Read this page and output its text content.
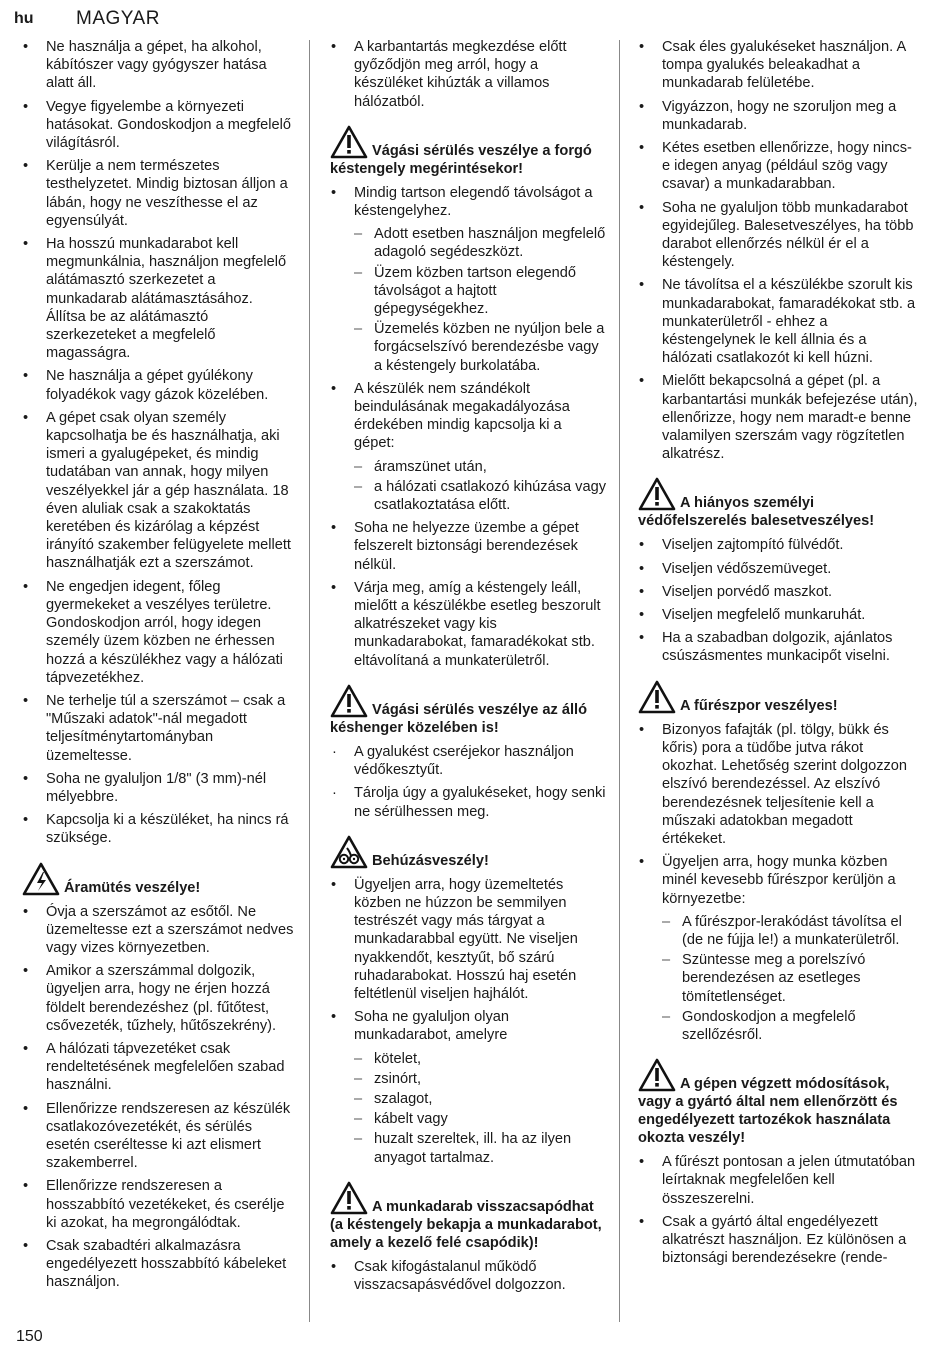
hu MAGYAR
• Ne használja a gépet, ha alkohol, kábítószer vagy gyógyszer hatása alatt áll.
• Vegye figyelembe a környezeti hatásokat. Gondoskodjon a megfelelő világításról.
• Kerülje a nem természetes testhelyzetet. Mindig biztosan álljon a lábán, hogy ne veszíthesse el az egyensúlyát.
• Ha hosszú munkadarabot kell megmunkálnia, használjon megfelelő alátámasztó szerkezetet a munkadarab alátámasztásához. Állítsa be az alátámasztó szerkezeteket a megfelelő magasságra.
• Ne használja a gépet gyúlékony folyadékok vagy gázok közelében.
• A gépet csak olyan személy kapcsolhatja be és használhatja, aki ismeri a gyalugépeket, és mindig tudatában van annak, hogy milyen veszélyekkel jár a gép használata. 18 éven aluliak csak a szakoktatás keretében és kizárólag a képzést irányító szakember felügyelete mellett használhatják ezt a szerszámot.
• Ne engedjen idegent, főleg gyermekeket a veszélyes területre. Gondoskodjon arról, hogy idegen személy üzem közben ne érhessen hozzá a készülékhez vagy a hálózati tápvezetékhez.
• Ne terhelje túl a szerszámot – csak a "Műszaki adatok"-nál megadott teljesítménytartományban üzemeltesse.
• Soha ne gyaluljon 1/8" (3 mm)-nél mélyebbre.
• Kapcsolja ki a készüléket, ha nincs rá szüksége.
Áramütés veszélye!
• Óvja a szerszámot az esőtől. Ne üzemeltesse ezt a szerszámot nedves vagy vizes környezetben.
• Amikor a szerszámmal dolgozik, ügyeljen arra, hogy ne érjen hozzá földelt berendezéshez (pl. fűtőtest, csővezeték, tűzhely, hűtőszekrény).
• A hálózati tápvezetéket csak rendeltetésének megfelelően szabad használni.
• Ellenőrizze rendszeresen az készülék csatlakozóvezetékét, és sérülés esetén cseréltesse ki azt elismert szakemberrel.
• Ellenőrizze rendszeresen a hosszabbító vezetékeket, és cserélje ki azokat, ha megrongálódtak.
• Csak szabadtéri alkalmazásra engedélyezett hosszabbító kábeleket használjon.
• A karbantartás megkezdése előtt győződjön meg arról, hogy a készüléket kihúzták a villamos hálózatból.
Vágási sérülés veszélye a forgó késtengely megérintésekor!
• Mindig tartson elegendő távolságot a késtengelyhez.
– Adott esetben használjon megfelelő adagoló segédeszközt.
– Üzem közben tartson elegendő távolságot a hajtott gépegységekhez.
– Üzemelés közben ne nyúljon bele a forgácselszívó berendezésbe vagy a késtengely burkolatába.
• A készülék nem szándékolt beindulásának megakadályozása érdekében mindig kapcsolja ki a gépet:
– áramszünet után,
– a hálózati csatlakozó kihúzása vagy csatlakoztatása előtt.
• Soha ne helyezze üzembe a gépet felszerelt biztonsági berendezések nélkül.
• Várja meg, amíg a késtengely leáll, mielőtt a készülékbe esetleg beszorult alkatrészeket vagy kis munkadarabokat, famaradékokat stb. eltávolítaná a munkaterületről.
Vágási sérülés veszélye az álló késhenger közelében is!
· A gyalukést cseréjekor használjon védőkesztyűt.
· Tárolja úgy a gyalukéseket, hogy senki ne sérülhessen meg.
Behúzásveszély!
• Ügyeljen arra, hogy üzemeltetés közben ne húzzon be semmilyen testrészét vagy más tárgyat a munkadarabbal együtt. Ne viseljen nyakkendőt, kesztyűt, bő szárú ruhadarabokat. Hosszú haj esetén feltétlenül viseljen hajhálót.
• Soha ne gyaluljon olyan munkadarabot, amelyre
– kötelet,
– zsinórt,
– szalagot,
– kábelt vagy
– huzalt szereltek, ill. ha az ilyen anyagot tartalmaz.
A munkadarab visszacsapódhat (a késtengely bekapja a munkadarabot, amely a kezelő felé csapódik)!
• Csak kifogástalanul működő visszacsapásvédővel dolgozzon.
• Csak éles gyalukéseket használjon. A tompa gyalukés beleakadhat a munkadarab felületébe.
• Vigyázzon, hogy ne szoruljon meg a munkadarab.
• Kétes esetben ellenőrizze, hogy nincs-e idegen anyag (például szög vagy csavar) a munkadarabban.
• Soha ne gyaluljon több munkadarabot egyidejűleg. Balesetveszélyes, ha több darabot ellenőrzés nélkül ér el a késtengely.
• Ne távolítsa el a készülékbe szorult kis munkadarabokat, famaradékokat stb. a munkaterületről - ehhez a késtengelynek le kell állnia és a hálózati csatlakozót ki kell húzni.
• Mielőtt bekapcsolná a gépet (pl. a karbantartási munkák befejezése után), ellenőrizze, hogy nem maradt-e benne valamilyen szerszám vagy rögzítetlen alkatrész.
A hiányos személyi védőfelszerelés balesetveszélyes!
• Viseljen zajtompító fülvédőt.
• Viseljen védőszemüveget.
• Viseljen porvédő maszkot.
• Viseljen megfelelő munkaruhát.
• Ha a szabadban dolgozik, ajánlatos csúszásmentes munkacipőt viselni.
A fűrészpor veszélyes!
• Bizonyos fafajták (pl. tölgy, bükk és kőris) pora a tüdőbe jutva rákot okozhat. Lehetőség szerint dolgozzon elszívó berendezéssel. Az elszívó berendezésnek teljesítenie kell a műszaki adatokban megadott értékeket.
• Ügyeljen arra, hogy munka közben minél kevesebb fűrészpor kerüljön a környezetbe:
– A fűrészpor-lerakódást távolítsa el (de ne fújja le!) a munkaterületről.
– Szüntesse meg a porelszívó berendezésen az esetleges tömítetlenséget.
– Gondoskodjon a megfelelő szellőzésről.
A gépen végzett módosítások, vagy a gyártó által nem ellenőrzött és engedélyezett tartozékok használata okozta veszély!
• A fűrészt pontosan a jelen útmutatóban leírtaknak megfelelően kell összeszerelni.
• Csak a gyártó által engedélyezett alkatrészt használjon. Ez különösen a biztonsági berendezésekre (rende-
150
